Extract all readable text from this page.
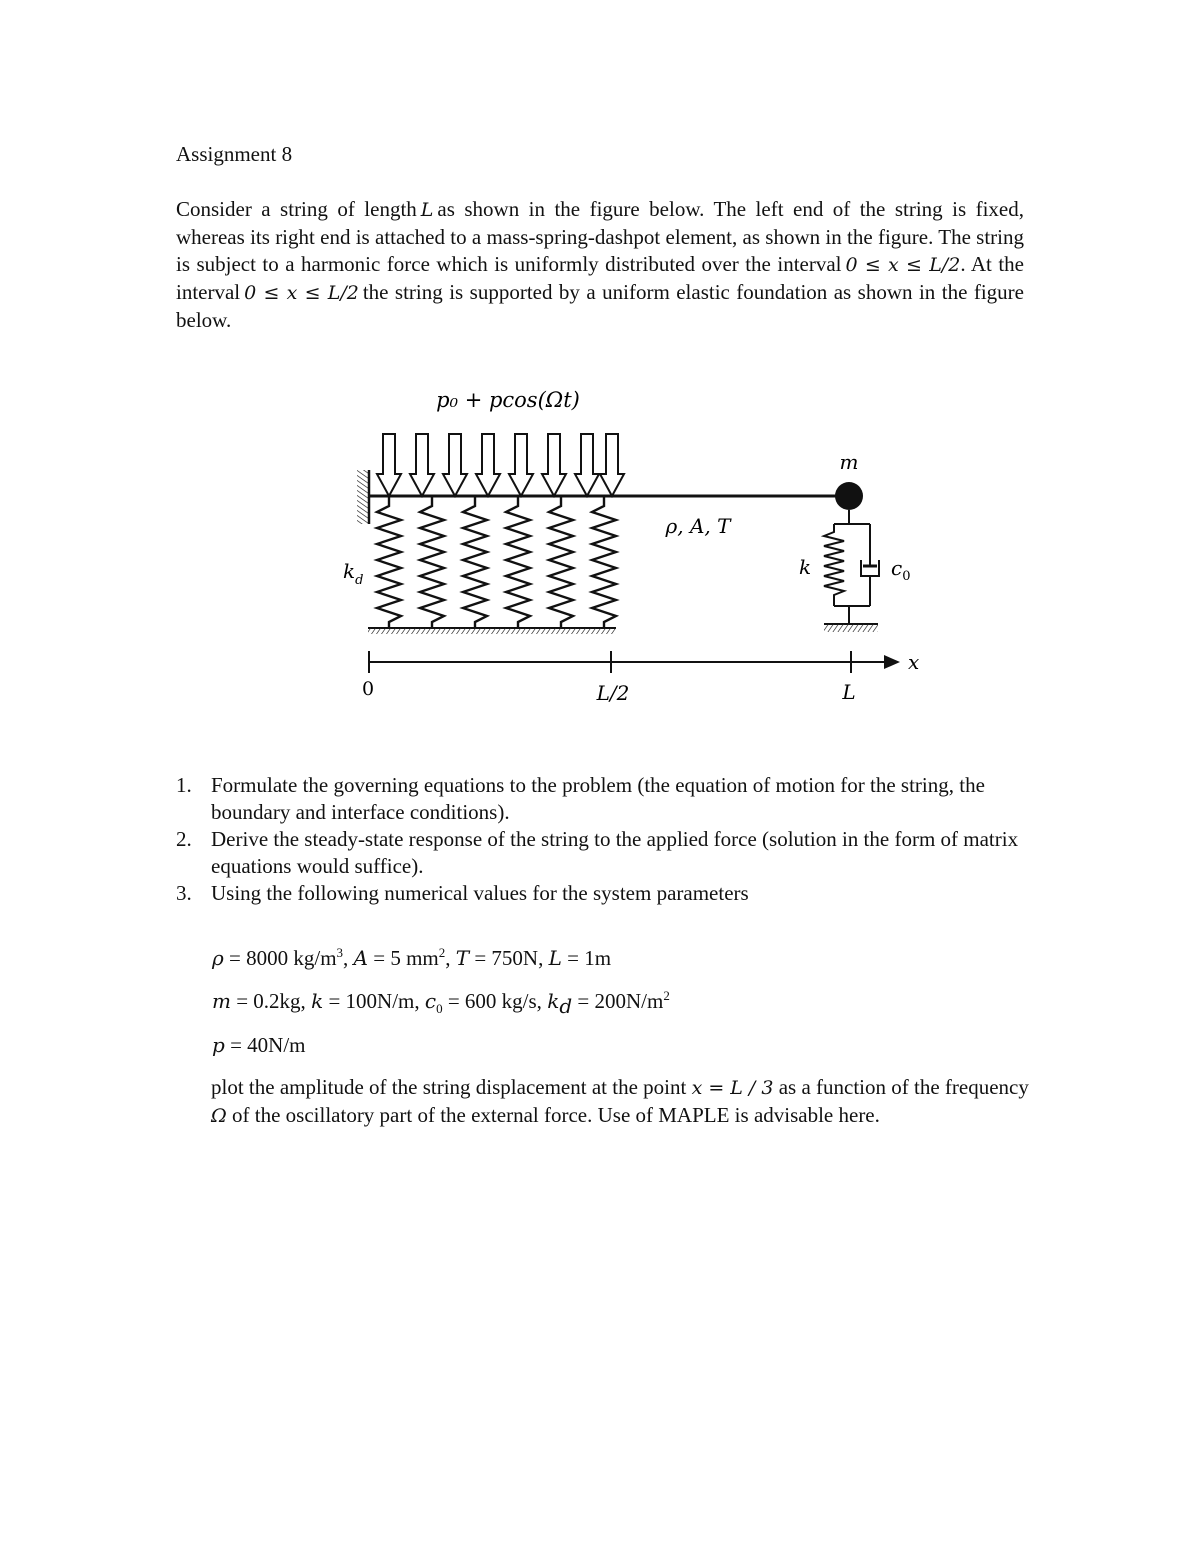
Assignment 8

Consider a string of length L as shown in the figure below. The left end of the string is fixed, whereas its right end is attached to a mass-spring-dashpot element, as shown in the figure. The string is subject to a harmonic force which is uniformly distributed over the interval 0 ≤ x ≤ L/2. At the interval 0 ≤ x ≤ L/2 the string is supported by a uniform elastic foundation as shown in the figure below.

p₀ + pcos(Ωt)
m
ρ, A, T
$k_d$
k	$c_0$
x
0	L/2	L
1. Formulate the governing equations to the problem (the equation of motion for the string, the boundary and interface conditions).
2. Derive the steady-state response of the string to the applied force (solution in the form of matrix equations would suffice).
3. Using the following numerical values for the system parameters
ρ = 8000 $kg/m^3$, A = 5 $mm^2$, T = 750N, L = 1m
m = 0.2kg, k = 100N/m, $c_0 = 600$ kg/s, $k_d = 200N/m^2$
p = 40N/m

plot the amplitude of the string displacement at the point x = L / 3 as a function of the frequency Ω of the oscillatory part of the external force. Use of MAPLE is advisable here.
